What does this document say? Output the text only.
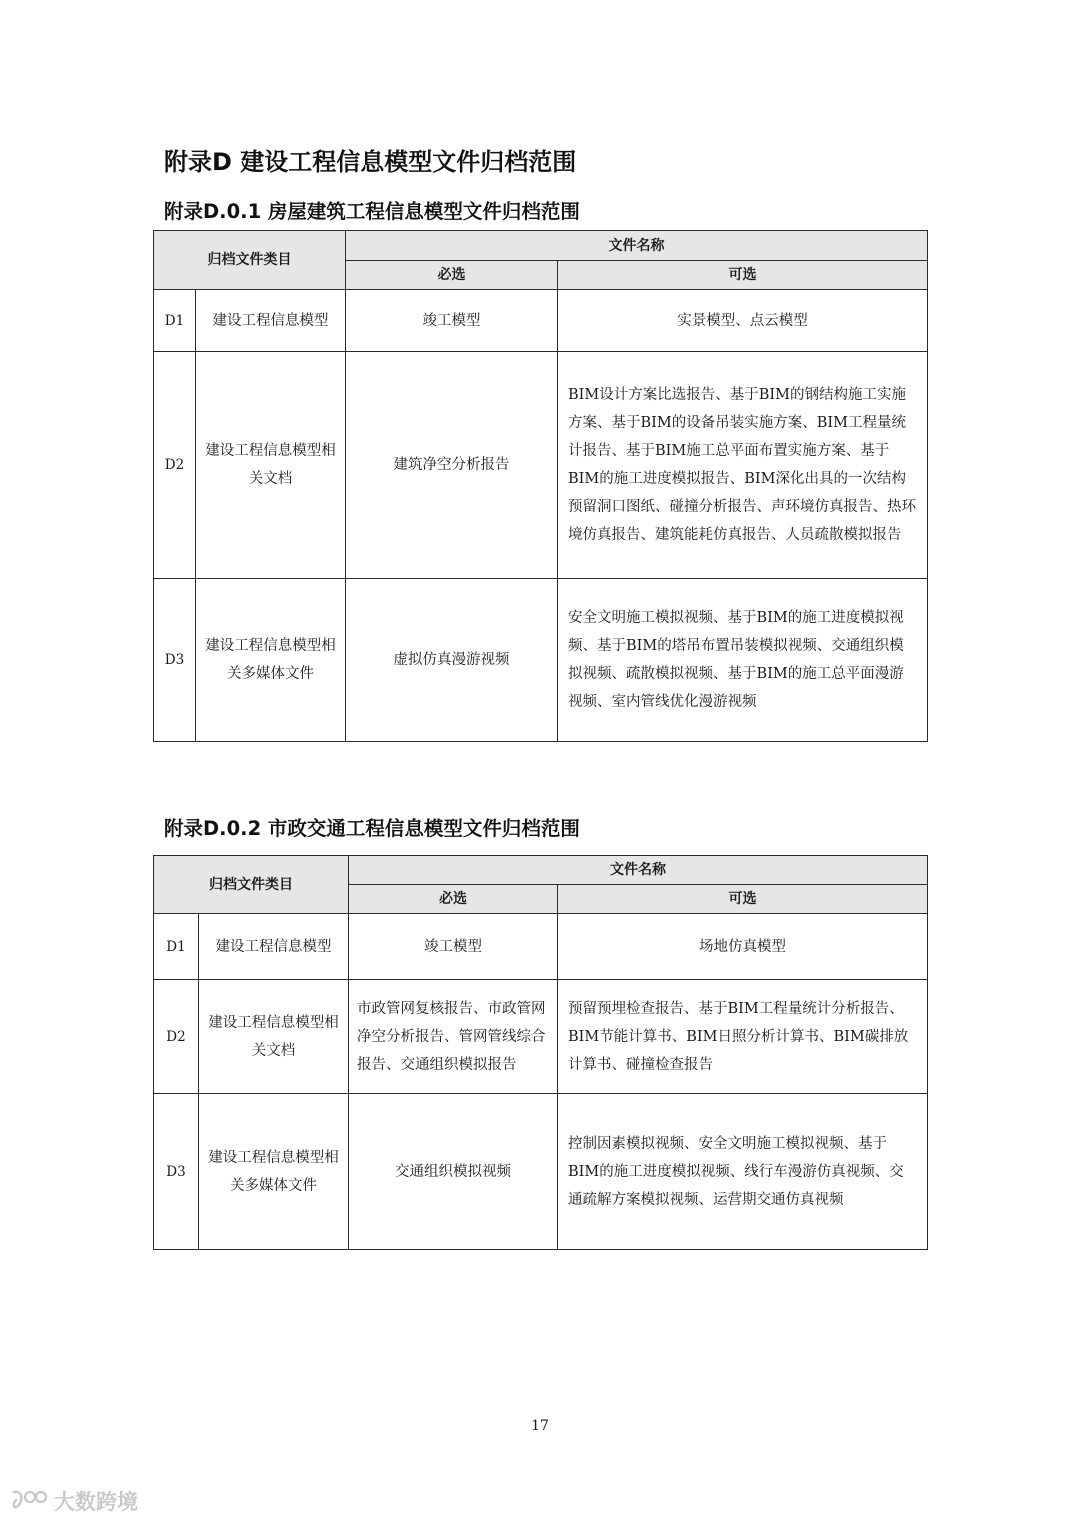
附录D 建设工程信息模型文件归档范围
附录D.0.1 房屋建筑工程信息模型文件归档范围
归档文件类目		文件名称	
		必选	可选
D1	建设工程信息模型	竣工模型	实景模型、点云模型
D2	建设工程信息模型相关文档	建筑净空分析报告	BIM设计方案比选报告、基于BIM的钢结构施工实施方案、基于BIM的设备吊装实施方案、BIM工程量统计报告、基于BIM施工总平面布置实施方案、基于BIM的施工进度模拟报告、BIM深化出具的一次结构预留洞口图纸、碰撞分析报告、声环境仿真报告、热环境仿真报告、建筑能耗仿真报告、人员疏散模拟报告
D3	建设工程信息模型相关多媒体文件	虚拟仿真漫游视频	安全文明施工模拟视频、基于BIM的施工进度模拟视频、基于BIM的塔吊布置吊装模拟视频、交通组织模拟视频、疏散模拟视频、基于BIM的施工总平面漫游视频、室内管线优化漫游视频
附录D.0.2 市政交通工程信息模型文件归档范围
归档文件类目		文件名称	
		必选	可选
D1	建设工程信息模型	竣工模型	场地仿真模型
D2	建设工程信息模型相关文档	市政管网复核报告、市政管网净空分析报告、管网管线综合报告、交通组织模拟报告	预留预埋检查报告、基于BIM工程量统计分析报告、BIM节能计算书、BIM日照分析计算书、BIM碳排放计算书、碰撞检查报告
D3	建设工程信息模型相关多媒体文件	交通组织模拟视频	控制因素模拟视频、安全文明施工模拟视频、基于BIM的施工进度模拟视频、线行车漫游仿真视频、交通疏解方案模拟视频、运营期交通仿真视频

17

大数跨境
